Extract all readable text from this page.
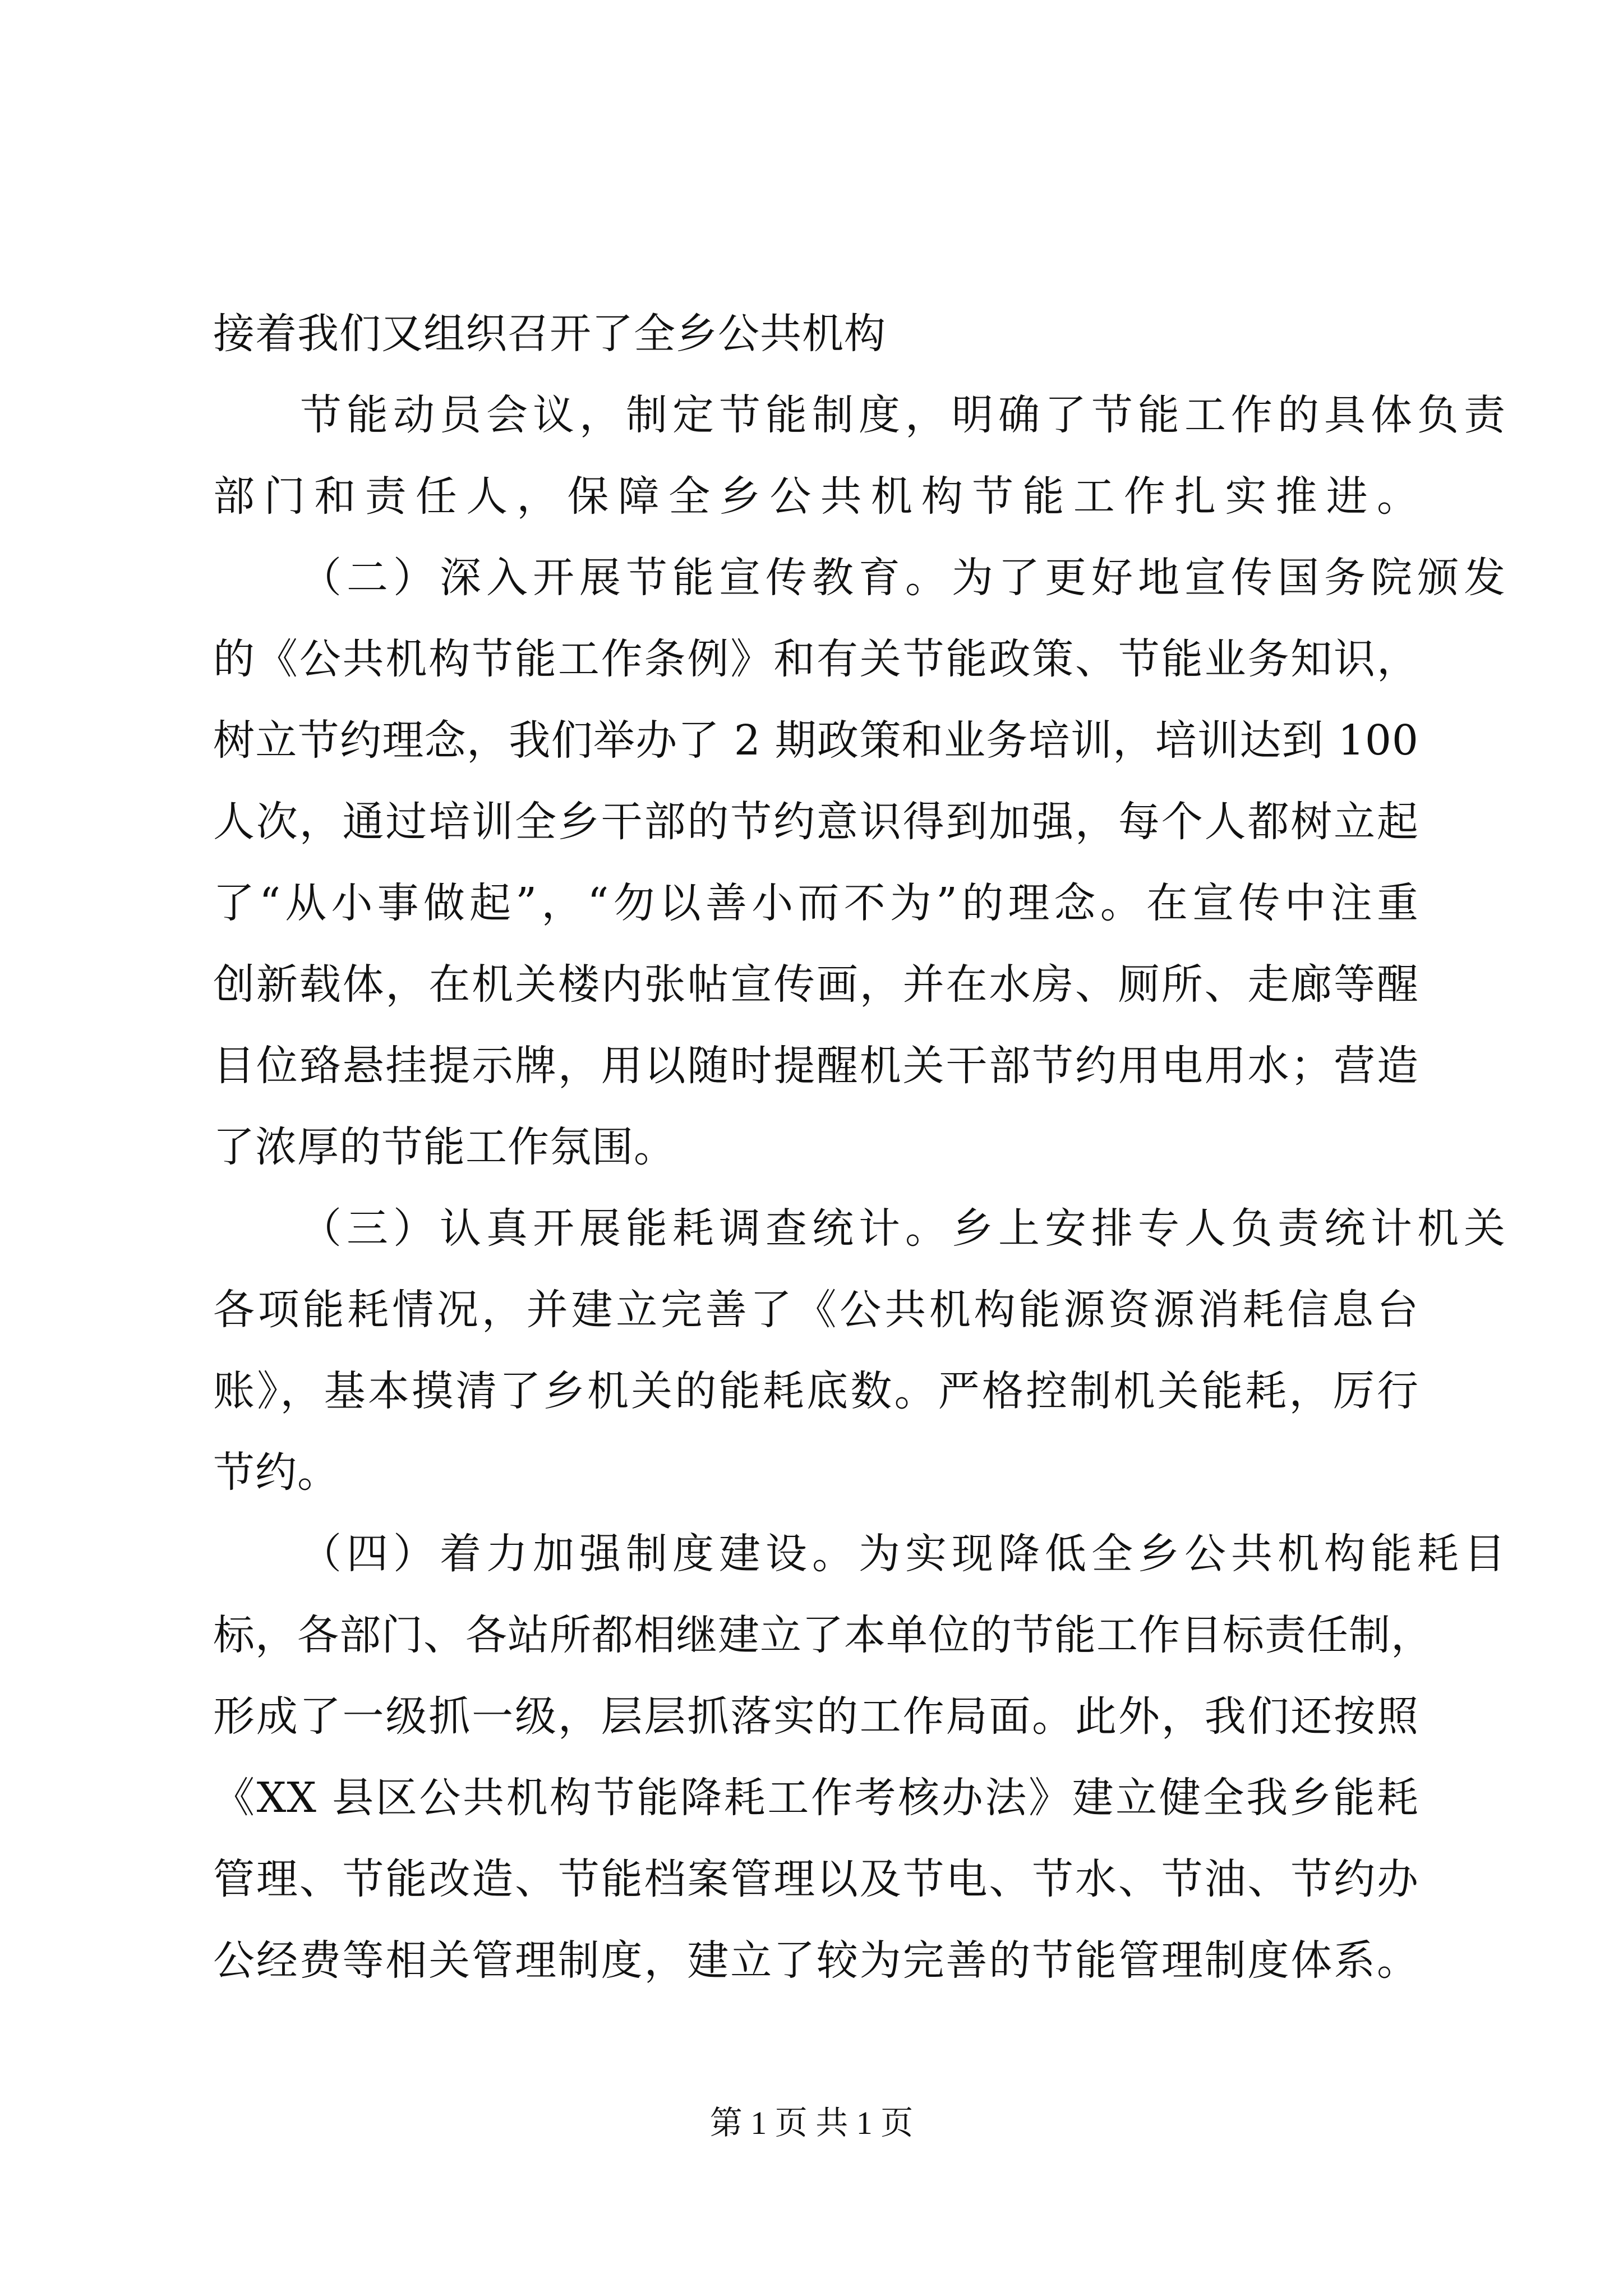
接着我们又组织召开了全乡公共机构
节能动员会议，制定节能制度，明确了节能工作的具体负责
部门和责任人，保障全乡公共机构节能工作扎实推进。
（二）深入开展节能宣传教育。为了更好地宣传国务院颁发
的《公共机构节能工作条例》和有关节能政策、节能业务知识，
树立节约理念，我们举办了 2 期政策和业务培训，培训达到 100
人次，通过培训全乡干部的节约意识得到加强，每个人都树立起
了“从小事做起”，“勿以善小而不为”的理念。在宣传中注重
创新载体，在机关楼内张帖宣传画，并在水房、厕所、走廊等醒
目位臵悬挂提示牌，用以随时提醒机关干部节约用电用水；营造
了浓厚的节能工作氛围。
（三）认真开展能耗调查统计。乡上安排专人负责统计机关
各项能耗情况，并建立完善了《公共机构能源资源消耗信息台
账》，基本摸清了乡机关的能耗底数。严格控制机关能耗，厉行
节约。
（四）着力加强制度建设。为实现降低全乡公共机构能耗目
标，各部门、各站所都相继建立了本单位的节能工作目标责任制，
形成了一级抓一级，层层抓落实的工作局面。此外，我们还按照
《XX 县区公共机构节能降耗工作考核办法》建立健全我乡能耗
管理、节能改造、节能档案管理以及节电、节水、节油、节约办
公经费等相关管理制度，建立了较为完善的节能管理制度体系。
第 1 页 共 1 页
